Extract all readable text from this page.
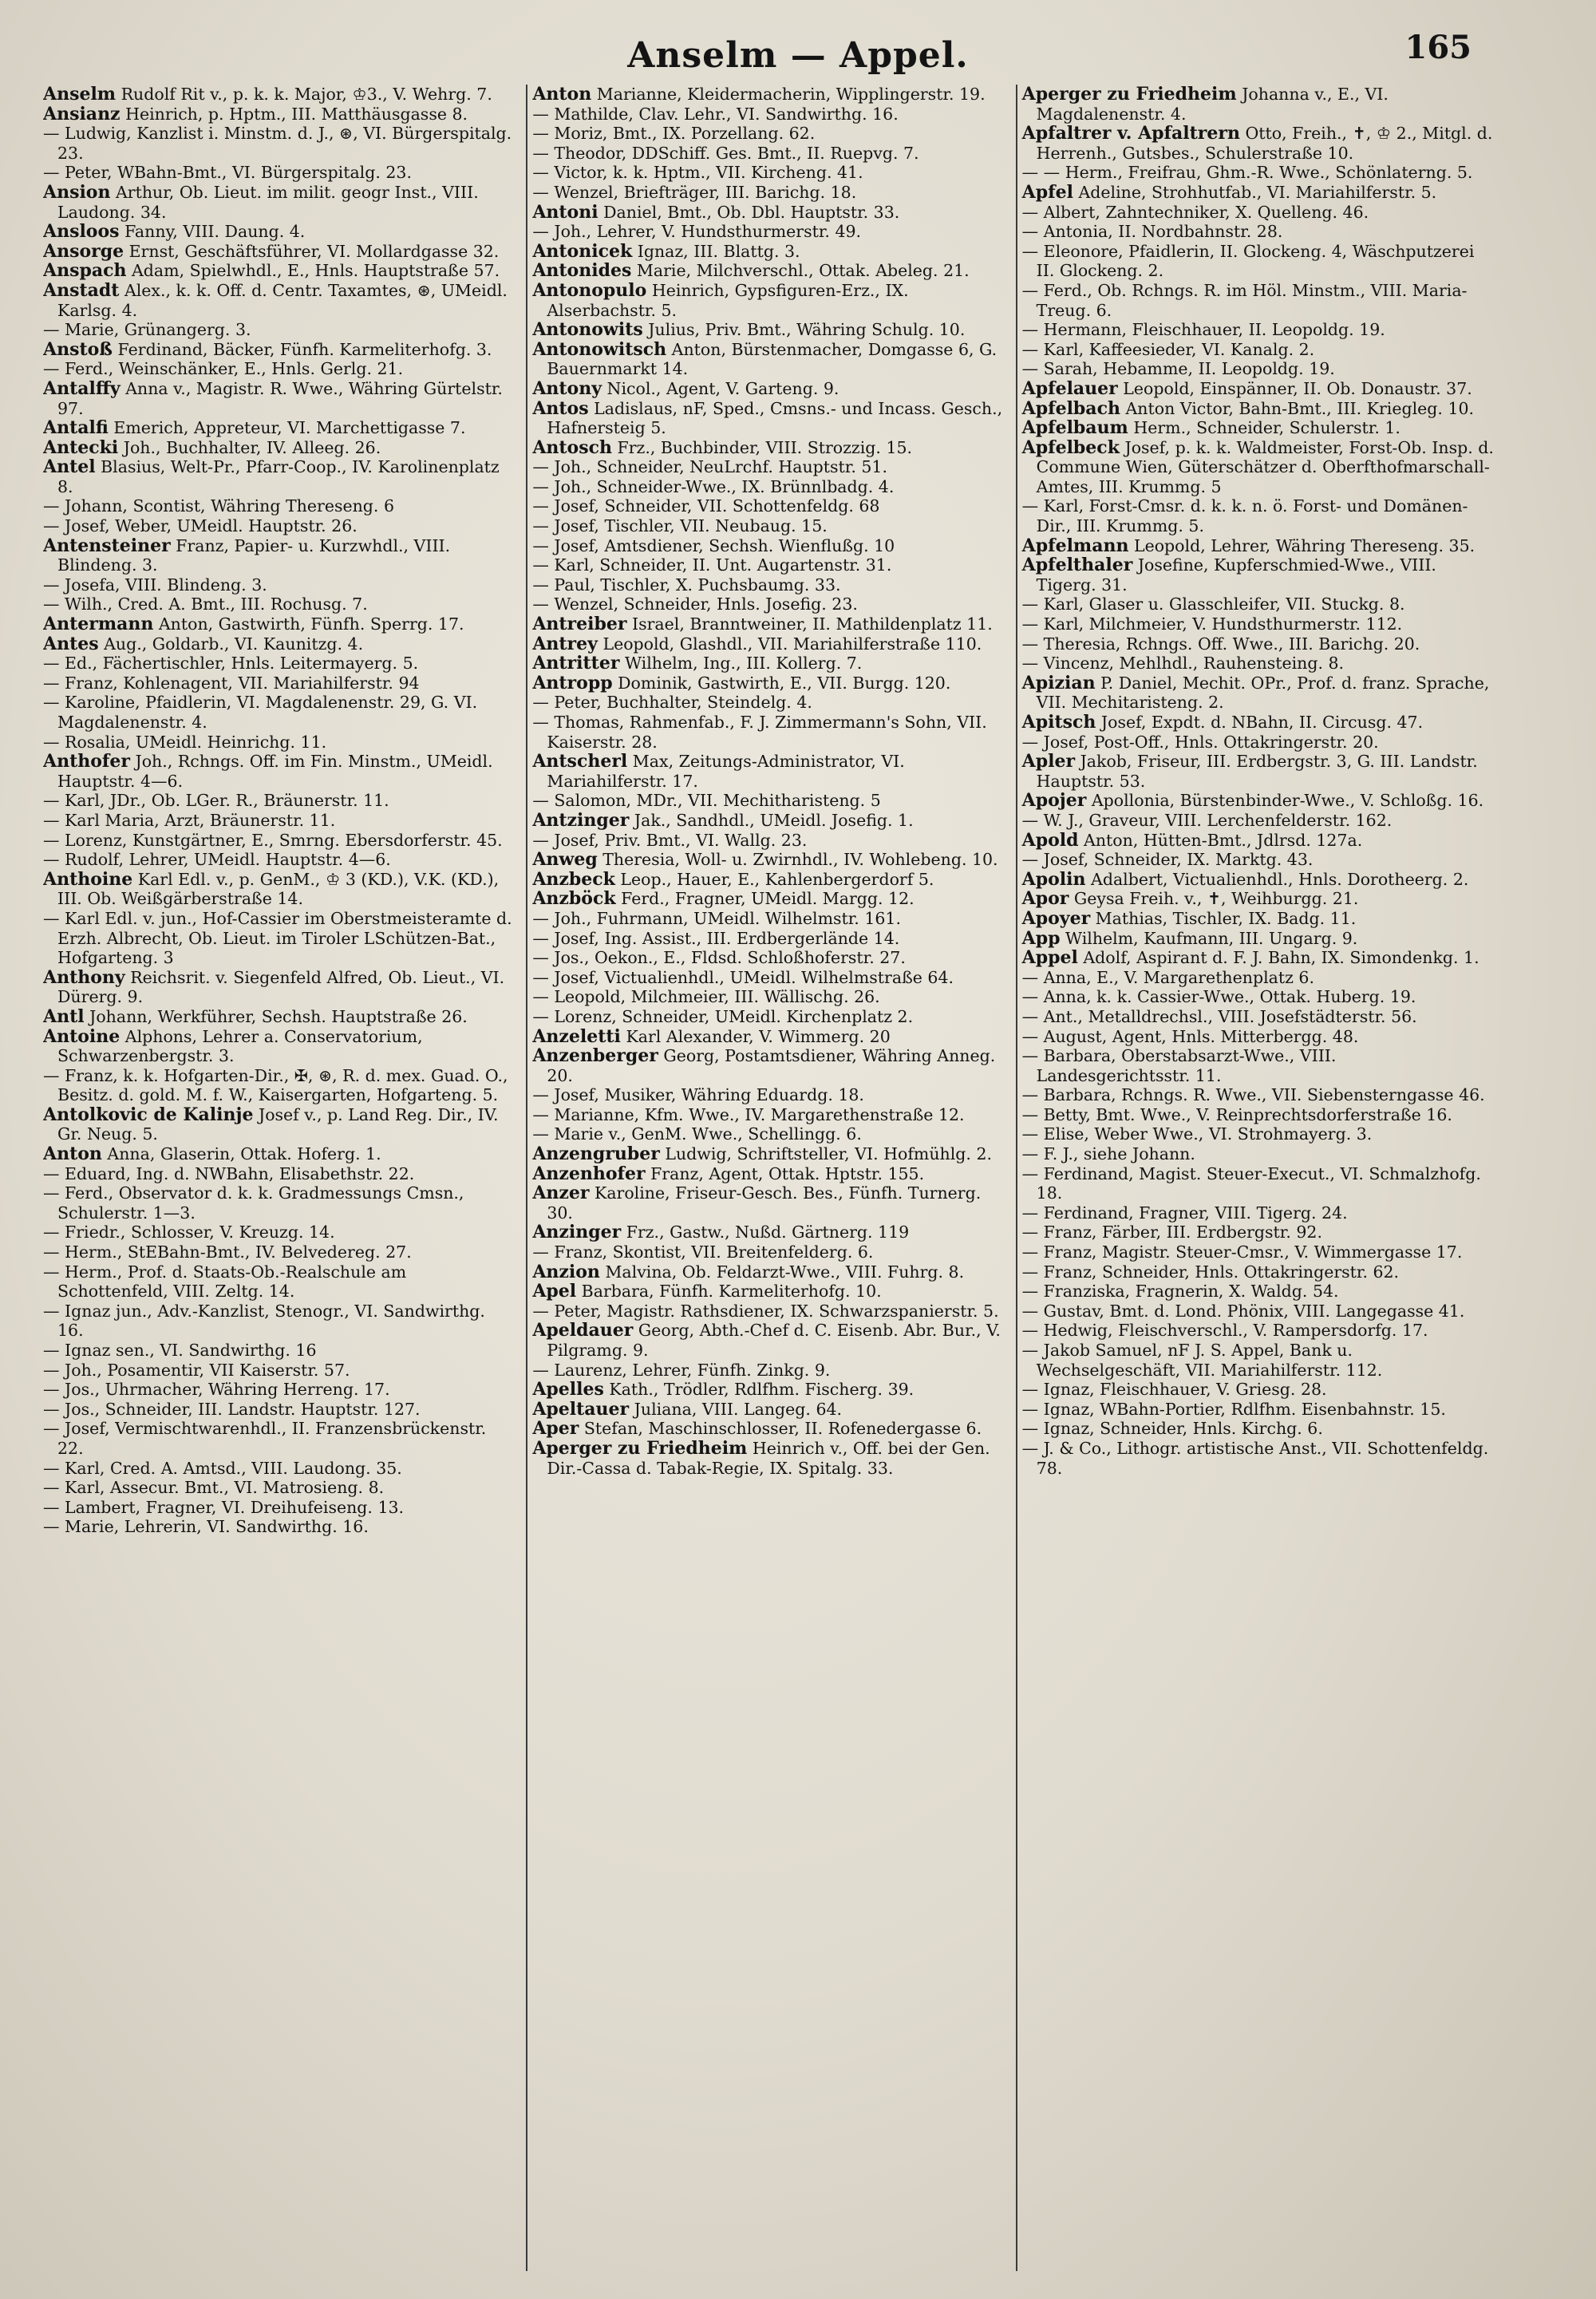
Anselm — Appel.	165

Anselm Rudolf Rit v., p. k. k. Major, ♔3., V. Wehrg. 7.

Ansianz Heinrich, p. Hptm., III. Matthäusgasse 8.

— Ludwig, Kanzlist i. Minstm. d. J., ⊛, VI. Bürgerspitalg. 23.

— Peter, WBahn-Bmt., VI. Bürgerspitalg. 23.

Ansion Arthur, Ob. Lieut. im milit. geogr Inst., VIII. Laudong. 34.

Ansloos Fanny, VIII. Daung. 4.

Ansorge Ernst, Geschäftsführer, VI. Mollardgasse 32.

Anspach Adam, Spielwhdl., E., Hnls. Hauptstraße 57.

Anstadt Alex., k. k. Off. d. Centr. Taxamtes, ⊛, UMeidl. Karlsg. 4.

— Marie, Grünangerg. 3.

Anstoß Ferdinand, Bäcker, Fünfh. Karmeliterhofg. 3.

— Ferd., Weinschänker, E., Hnls. Gerlg. 21.

Antalffy Anna v., Magistr. R. Wwe., Währing Gürtelstr. 97.

Antalfi Emerich, Appreteur, VI. Marchettigasse 7.

Antecki Joh., Buchhalter, IV. Alleeg. 26.

Antel Blasius, Welt-Pr., Pfarr-Coop., IV. Karolinenplatz 8.

— Johann, Scontist, Währing Thereseng. 6

— Josef, Weber, UMeidl. Hauptstr. 26.

Antensteiner Franz, Papier- u. Kurzwhdl., VIII. Blindeng. 3.

— Josefa, VIII. Blindeng. 3.

— Wilh., Cred. A. Bmt., III. Rochusg. 7.

Antermann Anton, Gastwirth, Fünfh. Sperrg. 17.

Antes Aug., Goldarb., VI. Kaunitzg. 4.

— Ed., Fächertischler, Hnls. Leitermayerg. 5.

— Franz, Kohlenagent, VII. Mariahilferstr. 94

— Karoline, Pfaidlerin, VI. Magdalenenstr. 29, G. VI. Magdalenenstr. 4.

— Rosalia, UMeidl. Heinrichg. 11.

Anthofer Joh., Rchngs. Off. im Fin. Minstm., UMeidl. Hauptstr. 4—6.

— Karl, JDr., Ob. LGer. R., Bräunerstr. 11.

— Karl Maria, Arzt, Bräunerstr. 11.

— Lorenz, Kunstgärtner, E., Smrng. Ebersdorferstr. 45.

— Rudolf, Lehrer, UMeidl. Hauptstr. 4—6.

Anthoine Karl Edl. v., p. GenM., ♔ 3 (KD.), V.K. (KD.), III. Ob. Weißgärberstraße 14.

— Karl Edl. v. jun., Hof-Cassier im Oberstmeisteramte d. Erzh. Albrecht, Ob. Lieut. im Tiroler LSchützen-Bat., Hofgarteng. 3

Anthony Reichsrit. v. Siegenfeld Alfred, Ob. Lieut., VI. Dürerg. 9.

Antl Johann, Werkführer, Sechsh. Hauptstraße 26.

Antoine Alphons, Lehrer a. Conservatorium, Schwarzenbergstr. 3.

— Franz, k. k. Hofgarten-Dir., ✠, ⊛, R. d. mex. Guad. O., Besitz. d. gold. M. f. W., Kaisergarten, Hofgarteng. 5.

Antolkovic de Kalinje Josef v., p. Land Reg. Dir., IV. Gr. Neug. 5.

Anton Anna, Glaserin, Ottak. Hoferg. 1.

— Eduard, Ing. d. NWBahn, Elisabethstr. 22.

— Ferd., Observator d. k. k. Gradmessungs Cmsn., Schulerstr. 1—3.

— Friedr., Schlosser, V. Kreuzg. 14.

— Herm., StEBahn-Bmt., IV. Belvedereg. 27.

— Herm., Prof. d. Staats-Ob.-Realschule am Schottenfeld, VIII. Zeltg. 14.

— Ignaz jun., Adv.-Kanzlist, Stenogr., VI. Sandwirthg. 16.

— Ignaz sen., VI. Sandwirthg. 16

— Joh., Posamentir, VII Kaiserstr. 57.

— Jos., Uhrmacher, Währing Herreng. 17.

— Jos., Schneider, III. Landstr. Hauptstr. 127.

— Josef, Vermischtwarenhdl., II. Franzensbrückenstr. 22.

— Karl, Cred. A. Amtsd., VIII. Laudong. 35.

— Karl, Assecur. Bmt., VI. Matrosieng. 8.

— Lambert, Fragner, VI. Dreihufeiseng. 13.

— Marie, Lehrerin, VI. Sandwirthg. 16.

Anton Marianne, Kleidermacherin, Wipplingerstr. 19.

— Mathilde, Clav. Lehr., VI. Sandwirthg. 16.

— Moriz, Bmt., IX. Porzellang. 62.

— Theodor, DDSchiff. Ges. Bmt., II. Ruepvg. 7.

— Victor, k. k. Hptm., VII. Kircheng. 41.

— Wenzel, Briefträger, III. Barichg. 18.

Antoni Daniel, Bmt., Ob. Dbl. Hauptstr. 33.

— Joh., Lehrer, V. Hundsthurmerstr. 49.

Antonicek Ignaz, III. Blattg. 3.

Antonides Marie, Milchverschl., Ottak. Abeleg. 21.

Antonopulo Heinrich, Gypsfiguren-Erz., IX. Alserbachstr. 5.

Antonowits Julius, Priv. Bmt., Währing Schulg. 10.

Antonowitsch Anton, Bürstenmacher, Domgasse 6, G. Bauernmarkt 14.

Antony Nicol., Agent, V. Garteng. 9.

Antos Ladislaus, nF, Sped., Cmsns.- und Incass. Gesch., Hafnersteig 5.

Antosch Frz., Buchbinder, VIII. Strozzig. 15.

— Joh., Schneider, NeuLrchf. Hauptstr. 51.

— Joh., Schneider-Wwe., IX. Brünnlbadg. 4.

— Josef, Schneider, VII. Schottenfeldg. 68

— Josef, Tischler, VII. Neubaug. 15.

— Josef, Amtsdiener, Sechsh. Wienflußg. 10

— Karl, Schneider, II. Unt. Augartenstr. 31.

— Paul, Tischler, X. Puchsbaumg. 33.

— Wenzel, Schneider, Hnls. Josefig. 23.

Antreiber Israel, Branntweiner, II. Mathildenplatz 11.

Antrey Leopold, Glashdl., VII. Mariahilferstraße 110.

Antritter Wilhelm, Ing., III. Kollerg. 7.

Antropp Dominik, Gastwirth, E., VII. Burgg. 120.

— Peter, Buchhalter, Steindelg. 4.

— Thomas, Rahmenfab., F. J. Zimmermann's Sohn, VII. Kaiserstr. 28.

Antscherl Max, Zeitungs-Administrator, VI. Mariahilferstr. 17.

— Salomon, MDr., VII. Mechitharisteng. 5

Antzinger Jak., Sandhdl., UMeidl. Josefig. 1.

— Josef, Priv. Bmt., VI. Wallg. 23.

Anweg Theresia, Woll- u. Zwirnhdl., IV. Wohlebeng. 10.

Anzbeck Leop., Hauer, E., Kahlenbergerdorf 5.

Anzböck Ferd., Fragner, UMeidl. Margg. 12.

— Joh., Fuhrmann, UMeidl. Wilhelmstr. 161.

— Josef, Ing. Assist., III. Erdbergerlände 14.

— Jos., Oekon., E., Fldsd. Schloßhoferstr. 27.

— Josef, Victualienhdl., UMeidl. Wilhelmstraße 64.

— Leopold, Milchmeier, III. Wällischg. 26.

— Lorenz, Schneider, UMeidl. Kirchenplatz 2.

Anzeletti Karl Alexander, V. Wimmerg. 20

Anzenberger Georg, Postamtsdiener, Währing Anneg. 20.

— Josef, Musiker, Währing Eduardg. 18.

— Marianne, Kfm. Wwe., IV. Margarethenstraße 12.

— Marie v., GenM. Wwe., Schellingg. 6.

Anzengruber Ludwig, Schriftsteller, VI. Hofmühlg. 2.

Anzenhofer Franz, Agent, Ottak. Hptstr. 155.

Anzer Karoline, Friseur-Gesch. Bes., Fünfh. Turnerg. 30.

Anzinger Frz., Gastw., Nußd. Gärtnerg. 119

— Franz, Skontist, VII. Breitenfelderg. 6.

Anzion Malvina, Ob. Feldarzt-Wwe., VIII. Fuhrg. 8.

Apel Barbara, Fünfh. Karmeliterhofg. 10.

— Peter, Magistr. Rathsdiener, IX. Schwarzspanierstr. 5.

Apeldauer Georg, Abth.-Chef d. C. Eisenb. Abr. Bur., V. Pilgramg. 9.

— Laurenz, Lehrer, Fünfh. Zinkg. 9.

Apelles Kath., Trödler, Rdlfhm. Fischerg. 39.

Apeltauer Juliana, VIII. Langeg. 64.

Aper Stefan, Maschinschlosser, II. Rofenedergasse 6.

Aperger zu Friedheim Heinrich v., Off. bei der Gen. Dir.-Cassa d. Tabak-Regie, IX. Spitalg. 33.

Aperger zu Friedheim Johanna v., E., VI. Magdalenenstr. 4.

Apfaltrer v. Apfaltrern Otto, Freih., ✝, ♔ 2., Mitgl. d. Herrenh., Gutsbes., Schulerstraße 10.

— — Herm., Freifrau, Ghm.-R. Wwe., Schönlaterng. 5.

Apfel Adeline, Strohhutfab., VI. Mariahilferstr. 5.

— Albert, Zahntechniker, X. Quelleng. 46.

— Antonia, II. Nordbahnstr. 28.

— Eleonore, Pfaidlerin, II. Glockeng. 4, Wäschputzerei II. Glockeng. 2.

— Ferd., Ob. Rchngs. R. im Höl. Minstm., VIII. Maria-Treug. 6.

— Hermann, Fleischhauer, II. Leopoldg. 19.

— Karl, Kaffeesieder, VI. Kanalg. 2.

— Sarah, Hebamme, II. Leopoldg. 19.

Apfelauer Leopold, Einspänner, II. Ob. Donaustr. 37.

Apfelbach Anton Victor, Bahn-Bmt., III. Kriegleg. 10.

Apfelbaum Herm., Schneider, Schulerstr. 1.

Apfelbeck Josef, p. k. k. Waldmeister, Forst-Ob. Insp. d. Commune Wien, Güterschätzer d. Oberfthofmarschall-Amtes, III. Krummg. 5

— Karl, Forst-Cmsr. d. k. k. n. ö. Forst- und Domänen-Dir., III. Krummg. 5.

Apfelmann Leopold, Lehrer, Währing Thereseng. 35.

Apfelthaler Josefine, Kupferschmied-Wwe., VIII. Tigerg. 31.

— Karl, Glaser u. Glasschleifer, VII. Stuckg. 8.

— Karl, Milchmeier, V. Hundsthurmerstr. 112.

— Theresia, Rchngs. Off. Wwe., III. Barichg. 20.

— Vincenz, Mehlhdl., Rauhensteing. 8.

Apizian P. Daniel, Mechit. OPr., Prof. d. franz. Sprache, VII. Mechitaristeng. 2.

Apitsch Josef, Expdt. d. NBahn, II. Circusg. 47.

— Josef, Post-Off., Hnls. Ottakringerstr. 20.

Apler Jakob, Friseur, III. Erdbergstr. 3, G. III. Landstr. Hauptstr. 53.

Apojer Apollonia, Bürstenbinder-Wwe., V. Schloßg. 16.

— W. J., Graveur, VIII. Lerchenfelderstr. 162.

Apold Anton, Hütten-Bmt., Jdlrsd. 127a.

— Josef, Schneider, IX. Marktg. 43.

Apolin Adalbert, Victualienhdl., Hnls. Dorotheerg. 2.

Apor Geysa Freih. v., ✝, Weihburgg. 21.

Apoyer Mathias, Tischler, IX. Badg. 11.

App Wilhelm, Kaufmann, III. Ungarg. 9.

Appel Adolf, Aspirant d. F. J. Bahn, IX. Simondenkg. 1.

— Anna, E., V. Margarethenplatz 6.

— Anna, k. k. Cassier-Wwe., Ottak. Huberg. 19.

— Ant., Metalldrechsl., VIII. Josefstädterstr. 56.

— August, Agent, Hnls. Mitterbergg. 48.

— Barbara, Oberstabsarzt-Wwe., VIII. Landesgerichtsstr. 11.

— Barbara, Rchngs. R. Wwe., VII. Siebensterngasse 46.

— Betty, Bmt. Wwe., V. Reinprechtsdorferstraße 16.

— Elise, Weber Wwe., VI. Strohmayerg. 3.

— F. J., siehe Johann.

— Ferdinand, Magist. Steuer-Execut., VI. Schmalzhofg. 18.

— Ferdinand, Fragner, VIII. Tigerg. 24.

— Franz, Färber, III. Erdbergstr. 92.

— Franz, Magistr. Steuer-Cmsr., V. Wimmergasse 17.

— Franz, Schneider, Hnls. Ottakringerstr. 62.

— Franziska, Fragnerin, X. Waldg. 54.

— Gustav, Bmt. d. Lond. Phönix, VIII. Langegasse 41.

— Hedwig, Fleischverschl., V. Rampersdorfg. 17.

— Jakob Samuel, nF J. S. Appel, Bank u. Wechselgeschäft, VII. Mariahilferstr. 112.

— Ignaz, Fleischhauer, V. Griesg. 28.

— Ignaz, WBahn-Portier, Rdlfhm. Eisenbahnstr. 15.

— Ignaz, Schneider, Hnls. Kirchg. 6.

— J. & Co., Lithogr. artistische Anst., VII. Schottenfeldg. 78.
